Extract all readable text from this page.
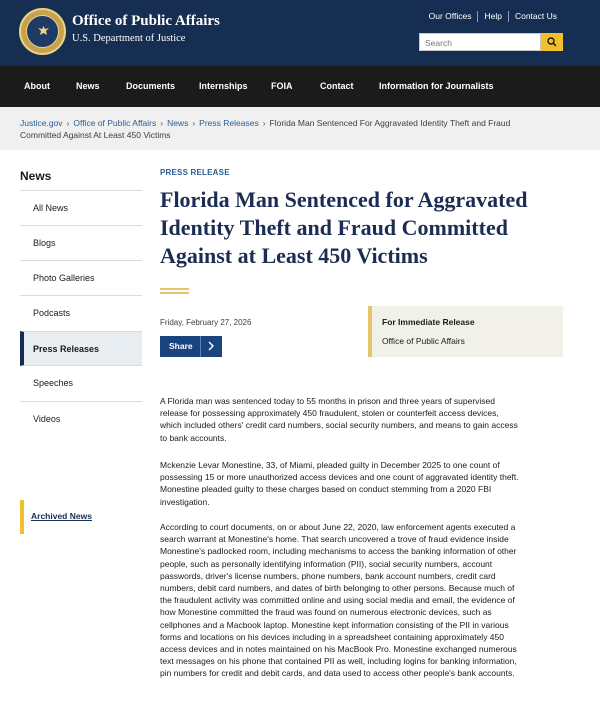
Office of Public Affairs
U.S. Department of Justice
Our Offices	Help	Contact Us
Search
About	News	Documents	Internships	FOIA	Contact	Information for Journalists
Justice.gov › Office of Public Affairs › News › Press Releases › Florida Man Sentenced For Aggravated Identity Theft and Fraud
Committed Against At Least 450 Victims
News
All News
Blogs
Photo Galleries
Podcasts
Press Releases
Speeches
Videos
Archived News
PRESS RELEASE
Florida Man Sentenced for Aggravated
Identity Theft and Fraud Committed
Against at Least 450 Victims
Friday, February 27, 2026
Share
For Immediate Release
Office of Public Affairs
A Florida man was sentenced today to 55 months in prison and three years of supervised
release for possessing approximately 450 fraudulent, stolen or counterfeit access devices,
which included others' credit card numbers, social security numbers, and means to gain access
to bank accounts.
Mckenzie Levar Monestine, 33, of Miami, pleaded guilty in December 2025 to one count of
possessing 15 or more unauthorized access devices and one count of aggravated identity theft.
Monestine pleaded guilty to these charges based on conduct stemming from a 2020 FBI
investigation.
According to court documents, on or about June 22, 2020, law enforcement agents executed a
search warrant at Monestine's home. That search uncovered a trove of fraud evidence inside
Monestine's padlocked room, including mechanisms to access the banking information of other
people, such as personally identifying information (PII), social security numbers, account
passwords, driver's license numbers, phone numbers, bank account numbers, credit card
numbers, debit card numbers, and dates of birth belonging to other persons. Because much of
the fraudulent activity was committed online and using social media and email, the evidence of
how Monestine committed the fraud was found on numerous electronic devices, such as
cellphones and a Macbook laptop. Monestine kept information consisting of the PII in various
forms and locations on his devices including in a spreadsheet containing approximately 450
access devices and in notes maintained on his MacBook Pro. Monestine exchanged numerous
text messages on his phone that contained PII as well, including logins for banking information,
pin numbers for credit and debit cards, and data used to access other people's bank accounts.
